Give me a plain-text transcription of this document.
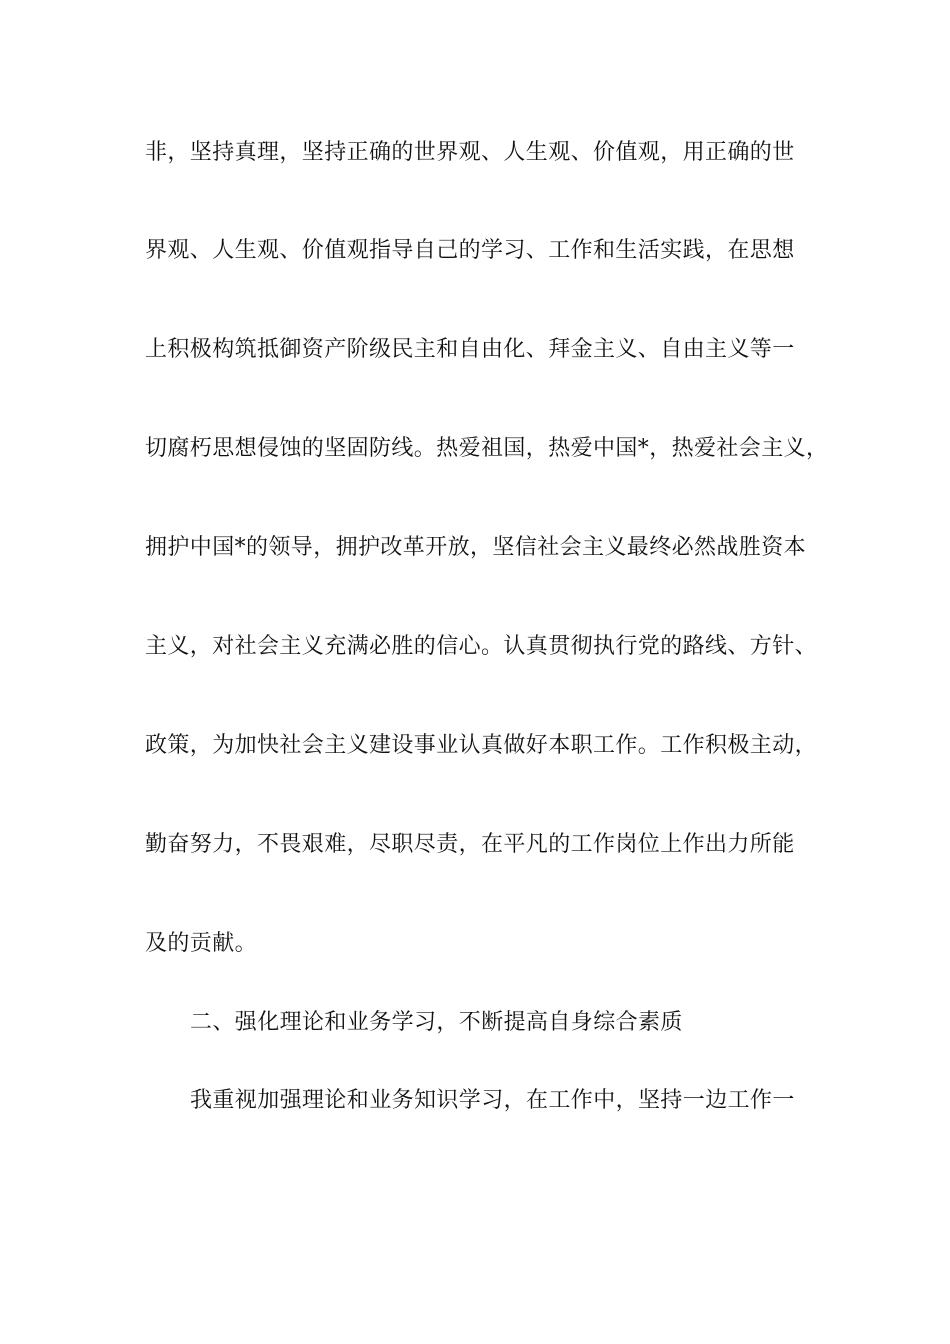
非，坚持真理，坚持正确的世界观、人生观、价值观，用正确的世
界观、人生观、价值观指导自己的学习、工作和生活实践，在思想
上积极构筑抵御资产阶级民主和自由化、拜金主义、自由主义等一
切腐朽思想侵蚀的坚固防线。热爱祖国，热爱中国*，热爱社会主义，
拥护中国*的领导，拥护改革开放，坚信社会主义最终必然战胜资本
主义，对社会主义充满必胜的信心。认真贯彻执行党的路线、方针、
政策，为加快社会主义建设事业认真做好本职工作。工作积极主动，
勤奋努力，不畏艰难，尽职尽责，在平凡的工作岗位上作出力所能
及的贡献。
二、强化理论和业务学习，不断提高自身综合素质
我重视加强理论和业务知识学习，在工作中，坚持一边工作一
